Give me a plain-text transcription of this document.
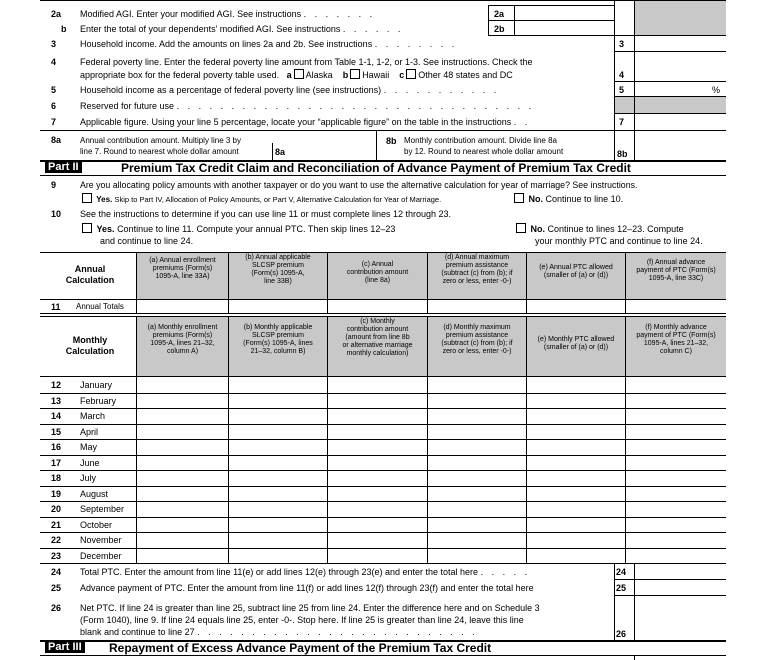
2a	Modified AGI. Enter your modified AGI. See instructions . . . . . . .	2a
b	Enter the total of your dependents' modified AGI. See instructions . . . . . .	2b
3	Household income. Add the amounts on lines 2a and 2b. See instructions . . . . . . . .	3
4	Federal poverty line. Enter the federal poverty line amount from Table 1-1, 1-2, or 1-3. See instructions. Check the
appropriate box for the federal poverty table used. a Alaska b Hawaii c Other 48 states and DC	4
5	Household income as a percentage of federal poverty line (see instructions) . . . . . . . . . . .	5	%
6	Reserved for future use . . . . . . . . . . . . . . . . . . . . . . . . . . . . . . . . .
7	Applicable figure. Using your line 5 percentage, locate your “applicable figure” on the table in the instructions . .	7
8a	Annual contribution amount. Multiply line 3 by
line 7. Round to nearest whole dollar amount	8a
8b Monthly contribution amount. Divide line 8a
by 12. Round to nearest whole dollar amount	8b
Part II	Premium Tax Credit Claim and Reconciliation of Advance Payment of Premium Tax Credit
9	Are you allocating policy amounts with another taxpayer or do you want to use the alternative calculation for year of marriage? See instructions.
Yes. Skip to Part IV, Allocation of Policy Amounts, or Part V, Alternative Calculation for Year of Marriage.	No. Continue to line 10.
10	See the instructions to determine if you can use line 11 or must complete lines 12 through 23.
Yes. Continue to line 11. Compute your annual PTC. Then skip lines 12–23
and continue to line 24.
No. Continue to lines 12–23. Compute
your monthly PTC and continue to line 24.
Annual
Calculation
(a) Annual enrollment
premiums (Form(s)
1095-A, line 33A)
(b) Annual applicable
SLCSP premium
(Form(s) 1095-A,
line 33B)
(c) Annual
contribution amount
(line 8a)
(d) Annual maximum
premium assistance
(subtract (c) from (b); if
zero or less, enter -0-)
(e) Annual PTC allowed
(smaller of (a) or (d))
(f) Annual advance
payment of PTC (Form(s)
1095-A, line 33C)
11	Annual Totals
Monthly
Calculation
(a) Monthly enrollment
premiums (Form(s)
1095-A, lines 21–32,
column A)
(b) Monthly applicable
SLCSP premium
(Form(s) 1095-A, lines
21–32, column B)
(c) Monthly
contribution amount
(amount from line 8b
or alternative marriage
monthly calculation)
(d) Monthly maximum
premium assistance
(subtract (c) from (b); if
zero or less, enter -0-)
(e) Monthly PTC allowed
(smaller of (a) or (d))
(f) Monthly advance
payment of PTC (Form(s)
1095-A, lines 21–32,
column C)
12	January
13	February
14	March
15	April
16	May
17	June
18	July
19	August
20	September
21	October
22	November
23	December
24	Total PTC. Enter the amount from line 11(e) or add lines 12(e) through 23(e) and enter the total here . . . . .	24
25	Advance payment of PTC. Enter the amount from line 11(f) or add lines 12(f) through 23(f) and enter the total here	25
26	Net PTC. If line 24 is greater than line 25, subtract line 25 from line 24. Enter the difference here and on Schedule 3
(Form 1040), line 9. If line 24 equals line 25, enter -0-. Stop here. If line 25 is greater than line 24, leave this line
blank and continue to line 27 . . . . . . . . . . . . . . . . . . . . . . . . . .	26
Part III Repayment of Excess Advance Payment of the Premium Tax Credit
